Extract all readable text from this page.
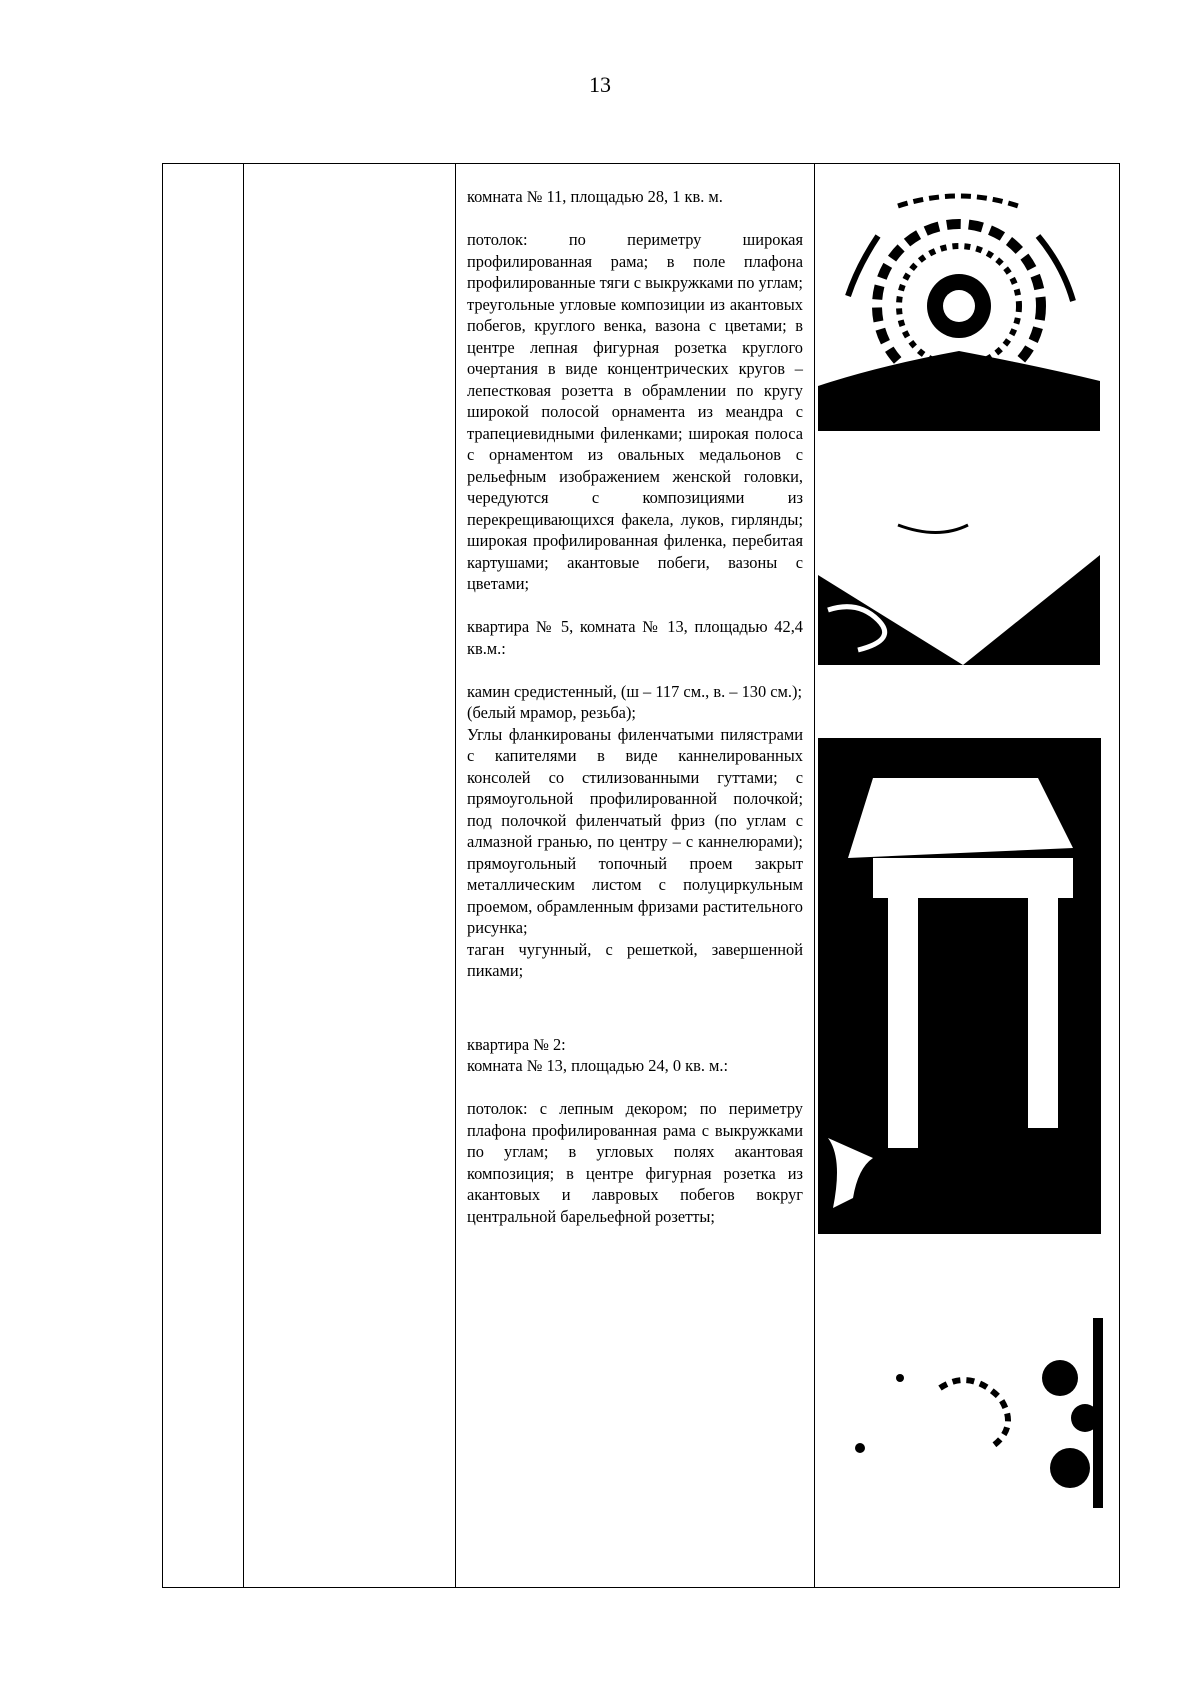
13

комната № 11, площадью 28, 1 кв. м.

потолок: по периметру широкая профилированная рама; в поле плафона профилированные тяги с выкружками по углам; треугольные угловые композиции из акантовых побегов, круглого венка, вазона с цветами; в центре лепная фигурная розетка круглого очертания в виде концентрических кругов – лепестковая розетта в обрамлении по кругу широкой полосой орнамента из меандра с трапециевидными филенками; широкая полоса с орнаментом из овальных медальонов с рельефным изображением женской головки, чередуются с композициями из перекрещивающихся факела, луков, гирлянды; широкая профилированная филенка, перебитая картушами; акантовые побеги, вазоны с цветами;

квартира № 5, комната № 13, площадью 42,4 кв.м.:

камин средистенный, (ш – 117 см., в. – 130 см.);

(белый мрамор, резьба);

Углы фланкированы филенчатыми пилястрами с капителями в виде каннелированных консолей со стилизованными гуттами; с прямоугольной профилированной полочкой; под полочкой филенчатый фриз (по углам с алмазной гранью, по центру – с каннелюрами); прямоугольный топочный проем закрыт металлическим листом с полуциркульным проемом, обрамленным фризами растительного рисунка;

таган чугунный, с решеткой, завершенной пиками;

квартира № 2:

комната № 13, площадью 24, 0 кв. м.:

потолок: с лепным декором; по периметру плафона профилированная рама с выкружками по углам; в угловых полях акантовая композиция; в центре фигурная розетка из акантовых и лавровых побегов вокруг центральной барельефной розетты;
